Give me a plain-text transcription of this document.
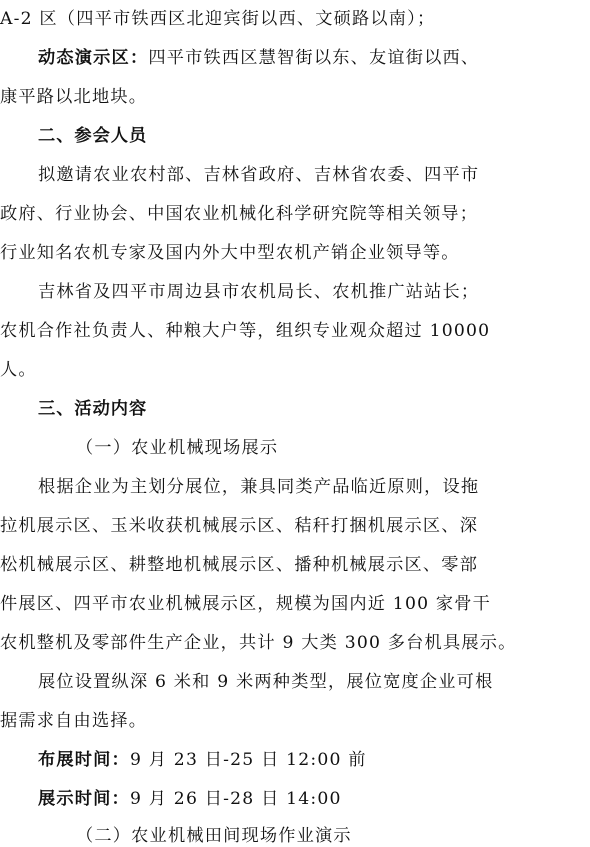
A-2 区（四平市铁西区北迎宾街以西、文硕路以南）；
动态演示区：四平市铁西区慧智街以东、友谊街以西、
康平路以北地块。
二、参会人员
拟邀请农业农村部、吉林省政府、吉林省农委、四平市
政府、行业协会、中国农业机械化科学研究院等相关领导；
行业知名农机专家及国内外大中型农机产销企业领导等。
吉林省及四平市周边县市农机局长、农机推广站站长；
农机合作社负责人、种粮大户等，组织专业观众超过 10000
人。
三、活动内容
（一）农业机械现场展示
根据企业为主划分展位，兼具同类产品临近原则，设拖
拉机展示区、玉米收获机械展示区、秸秆打捆机展示区、深
松机械展示区、耕整地机械展示区、播种机械展示区、零部
件展区、四平市农业机械展示区，规模为国内近 100 家骨干
农机整机及零部件生产企业，共计 9 大类 300 多台机具展示。
展位设置纵深 6 米和 9 米两种类型，展位宽度企业可根
据需求自由选择。
布展时间：9 月 23 日-25 日 12:00 前
展示时间：9 月 26 日-28 日 14:00
（二）农业机械田间现场作业演示
